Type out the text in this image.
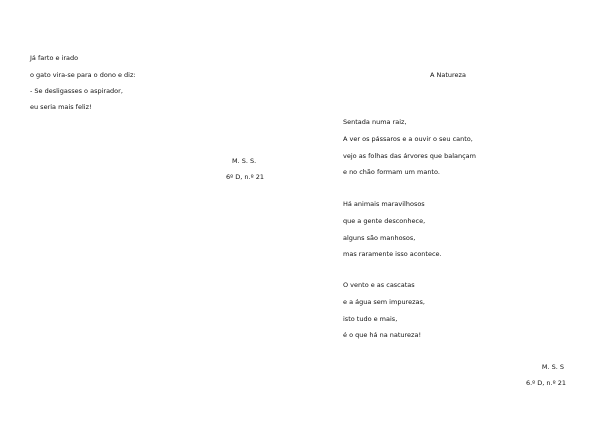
Já farto e irado
o gato vira-se para o dono e diz:
- Se desligasses o aspirador,
eu seria mais feliz!
M. S. S.
6º D, n.º 21
A Natureza
Sentada numa raiz,
A ver os pássaros e a ouvir o seu canto,
vejo as folhas das árvores que balançam
e no chão formam um manto.
Há animais maravilhosos
que a gente desconhece,
alguns são manhosos,
mas raramente isso acontece.
O vento e as cascatas
e a água sem impurezas,
isto tudo e mais,
é o que há na natureza!
M. S. S
6.º D, n.º 21
